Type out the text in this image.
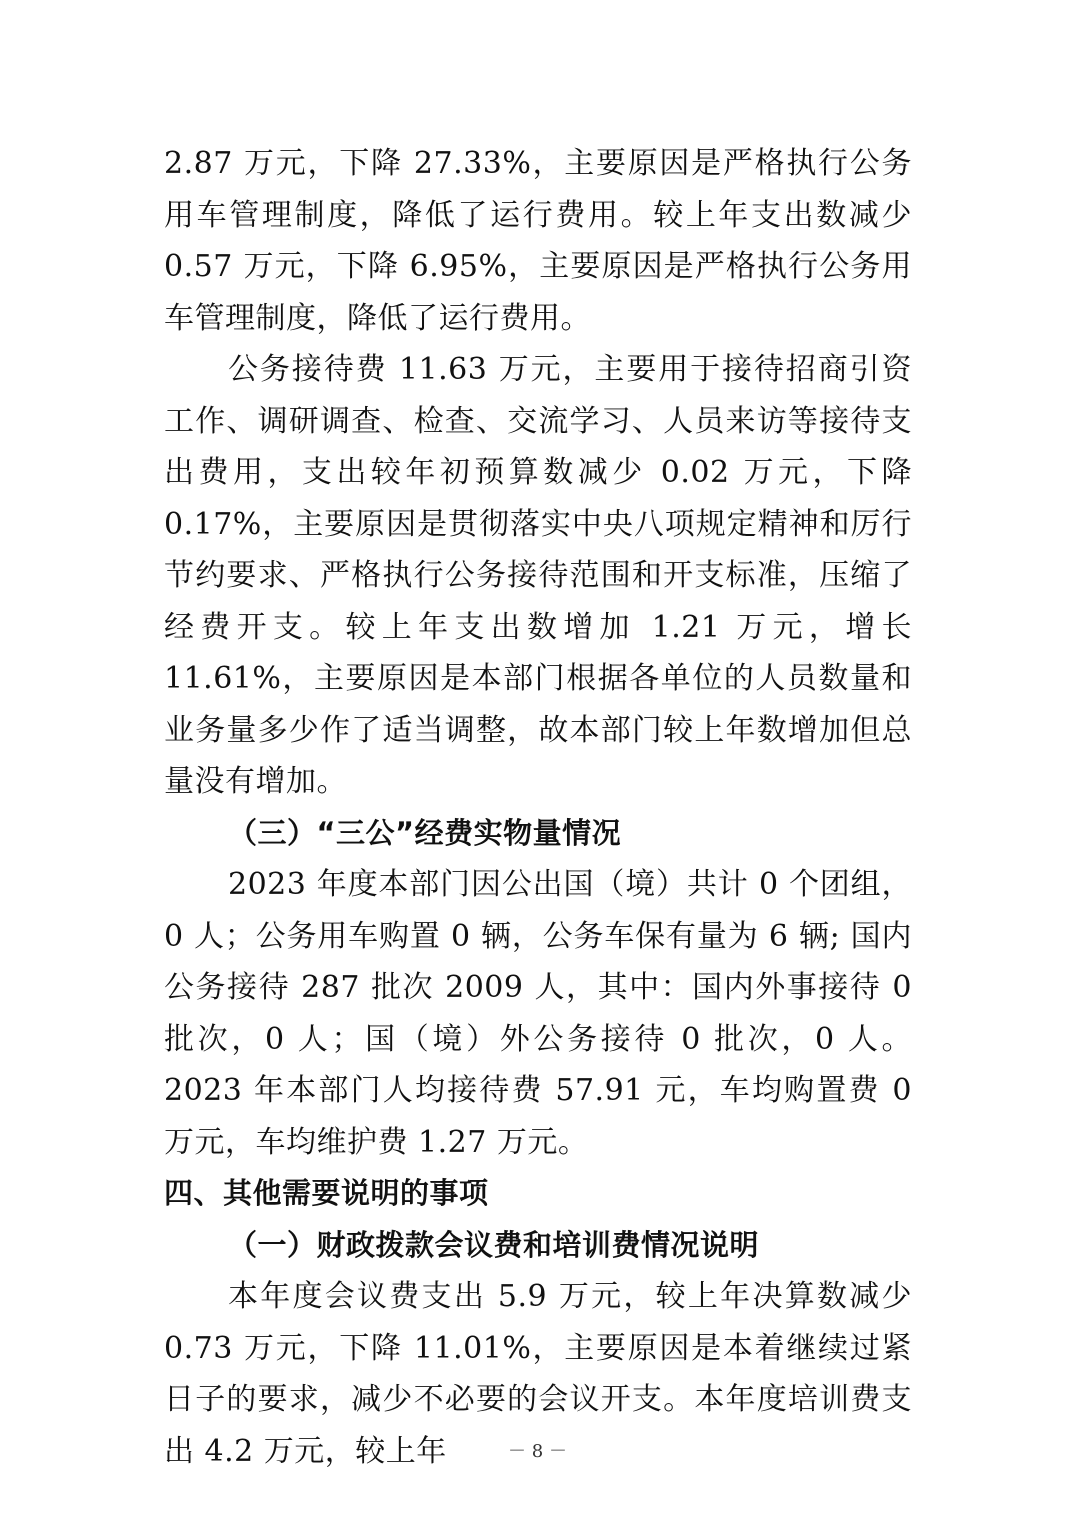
2.87 万元，下降 27.33%，主要原因是严格执行公务用车管理制度，降低了运行费用。较上年支出数减少 0.57 万元，下降 6.95%，主要原因是严格执行公务用车管理制度，降低了运行费用。

公务接待费 11.63 万元，主要用于接待招商引资工作、调研调查、检查、交流学习、人员来访等接待支出费用，支出较年初预算数减少 0.02 万元，下降 0.17%，主要原因是贯彻落实中央八项规定精神和厉行节约要求、严格执行公务接待范围和开支标准，压缩了经费开支。较上年支出数增加 1.21 万元，增长 11.61%，主要原因是本部门根据各单位的人员数量和业务量多少作了适当调整，故本部门较上年数增加但总量没有增加。

（三）“三公”经费实物量情况

2023 年度本部门因公出国（境）共计 0 个团组，0 人；公务用车购置 0 辆，公务车保有量为 6 辆; 国内公务接待 287 批次 2009 人，其中：国内外事接待 0 批次，0 人；国（境）外公务接待 0 批次，0 人。2023 年本部门人均接待费 57.91 元，车均购置费 0 万元，车均维护费 1.27 万元。

四、其他需要说明的事项

（一）财政拨款会议费和培训费情况说明

本年度会议费支出 5.9 万元，较上年决算数减少 0.73 万元，下降 11.01%，主要原因是本着继续过紧日子的要求，减少不必要的会议开支。本年度培训费支出 4.2 万元，较上年	－ 8 －
